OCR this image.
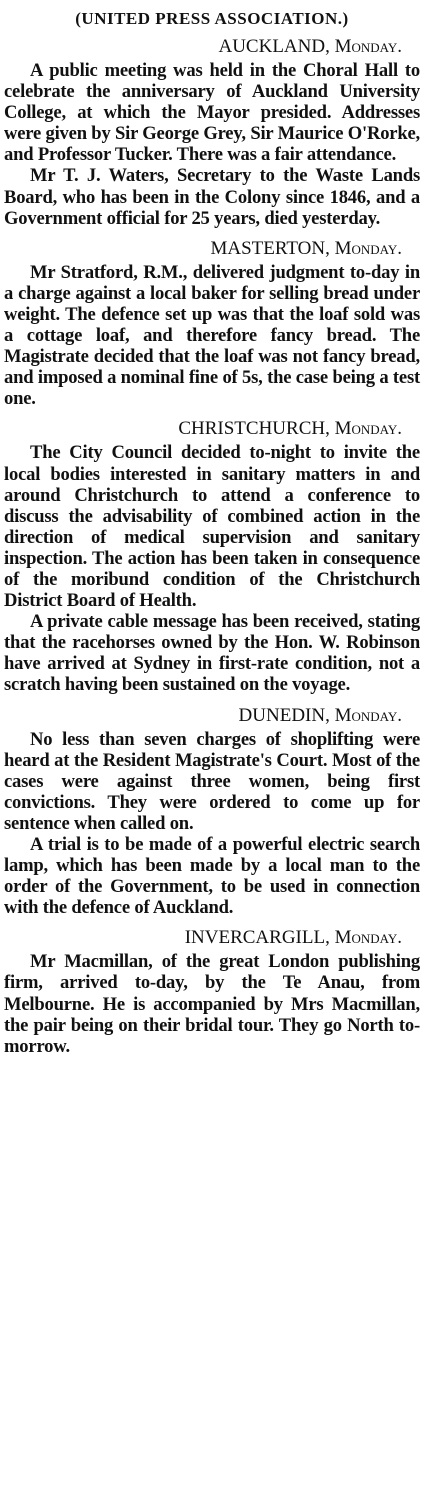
(UNITED PRESS ASSOCIATION.)
AUCKLAND, Monday.

A public meeting was held in the Choral Hall to celebrate the anniversary of Auckland University College, at which the Mayor presided. Addresses were given by Sir George Grey, Sir Maurice O'Rorke, and Professor Tucker. There was a fair attendance.

Mr T. J. Waters, Secretary to the Waste Lands Board, who has been in the Colony since 1846, and a Government official for 25 years, died yesterday.

MASTERTON, Monday.

Mr Stratford, R.M., delivered judgment to-day in a charge against a local baker for selling bread under weight. The defence set up was that the loaf sold was a cottage loaf, and therefore fancy bread. The Magistrate decided that the loaf was not fancy bread, and imposed a nominal fine of 5s, the case being a test one.

CHRISTCHURCH, Monday.

The City Council decided to-night to invite the local bodies interested in sanitary matters in and around Christchurch to attend a conference to discuss the advisability of combined action in the direction of medical supervision and sanitary inspection. The action has been taken in consequence of the moribund condition of the Christchurch District Board of Health.

A private cable message has been received, stating that the racehorses owned by the Hon. W. Robinson have arrived at Sydney in first-rate condition, not a scratch having been sustained on the voyage.

DUNEDIN, Monday.

No less than seven charges of shoplifting were heard at the Resident Magistrate's Court. Most of the cases were against three women, being first convictions. They were ordered to come up for sentence when called on.

A trial is to be made of a powerful electric search lamp, which has been made by a local man to the order of the Government, to be used in connection with the defence of Auckland.

INVERCARGILL, Monday.

Mr Macmillan, of the great London publishing firm, arrived to-day, by the Te Anau, from Melbourne. He is accompanied by Mrs Macmillan, the pair being on their bridal tour. They go North to-morrow.
